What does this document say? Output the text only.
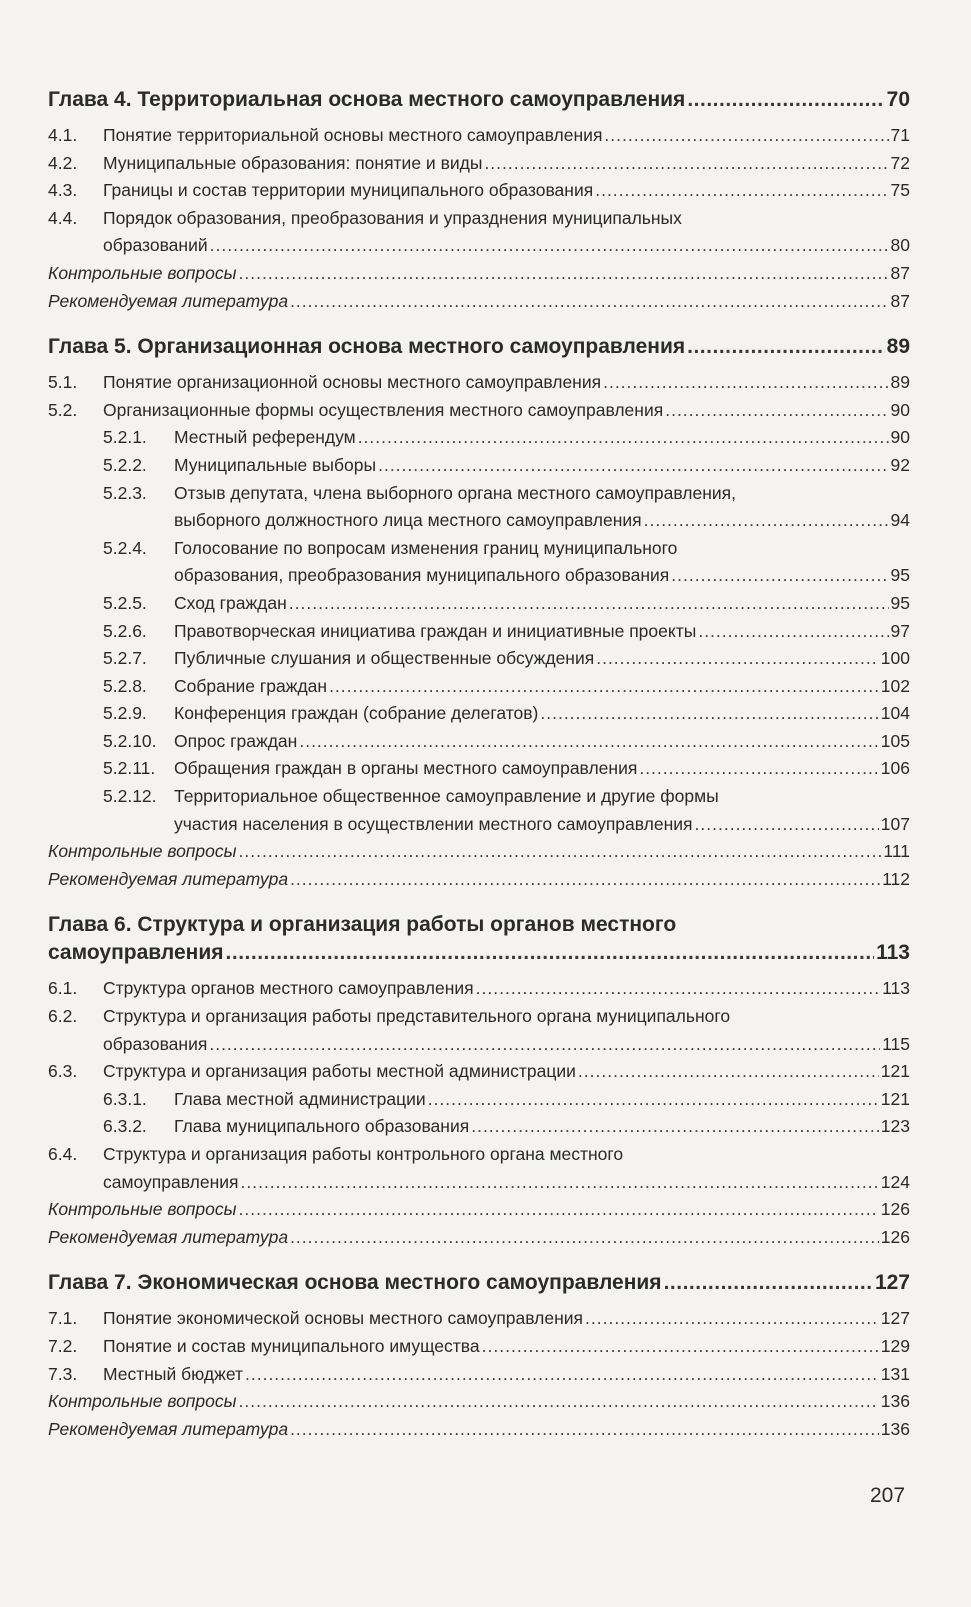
Глава 4. Территориальная основа местного самоуправления .....	70
4.1.	Понятие территориальной основы местного самоуправления .....	71
4.2.	Муниципальные образования: понятие и виды .....	72
4.3.	Границы и состав территории муниципального образования .....	75
4.4.	Порядок образования, преобразования и упразднения муниципальных
образований .....	80
Контрольные вопросы .....	87
Рекомендуемая литература .....	87
Глава 5. Организационная основа местного самоуправления .....	89
5.1.	Понятие организационной основы местного самоуправления .....	89
5.2.	Организационные формы осуществления местного самоуправления .....	90
5.2.1.	Местный референдум .....	90
5.2.2.	Муниципальные выборы .....	92
5.2.3.	Отзыв депутата, члена выборного органа местного самоуправления,
выборного должностного лица местного самоуправления .....	94
5.2.4.	Голосование по вопросам изменения границ муниципального
образования, преобразования муниципального образования .....	95
5.2.5.	Сход граждан .....	95
5.2.6.	Правотворческая инициатива граждан и инициативные проекты .....	97
5.2.7.	Публичные слушания и общественные обсуждения .....	100
5.2.8.	Собрание граждан .....	102
5.2.9.	Конференция граждан (собрание делегатов) .....	104
5.2.10. Опрос граждан .....	105
5.2.11.	Обращения граждан в органы местного самоуправления .....	106
5.2.12. Территориальное общественное самоуправление и другие формы
участия населения в осуществлении местного самоуправления .....	107
Контрольные вопросы .....	111
Рекомендуемая литература .....	112
Глава 6. Структура и организация работы органов местного
самоуправления .....	113
6.1.	Структура органов местного самоуправления .....	113
6.2.	Структура и организация работы представительного органа муниципального
образования .....	115
6.3.	Структура и организация работы местной администрации .....	121
6.3.1.	Глава местной администрации .....	121
6.3.2.	Глава муниципального образования .....	123
6.4.	Структура и организация работы контрольного органа местного
самоуправления .....	124
Контрольные вопросы .....	126
Рекомендуемая литература .....	126
Глава 7. Экономическая основа местного самоуправления .....	127
7.1.	Понятие экономической основы местного самоуправления .....	127
7.2.	Понятие и состав муниципального имущества .....	129
7.3.	Местный бюджет .....	131
Контрольные вопросы .....	136
Рекомендуемая литература .....	136
207
